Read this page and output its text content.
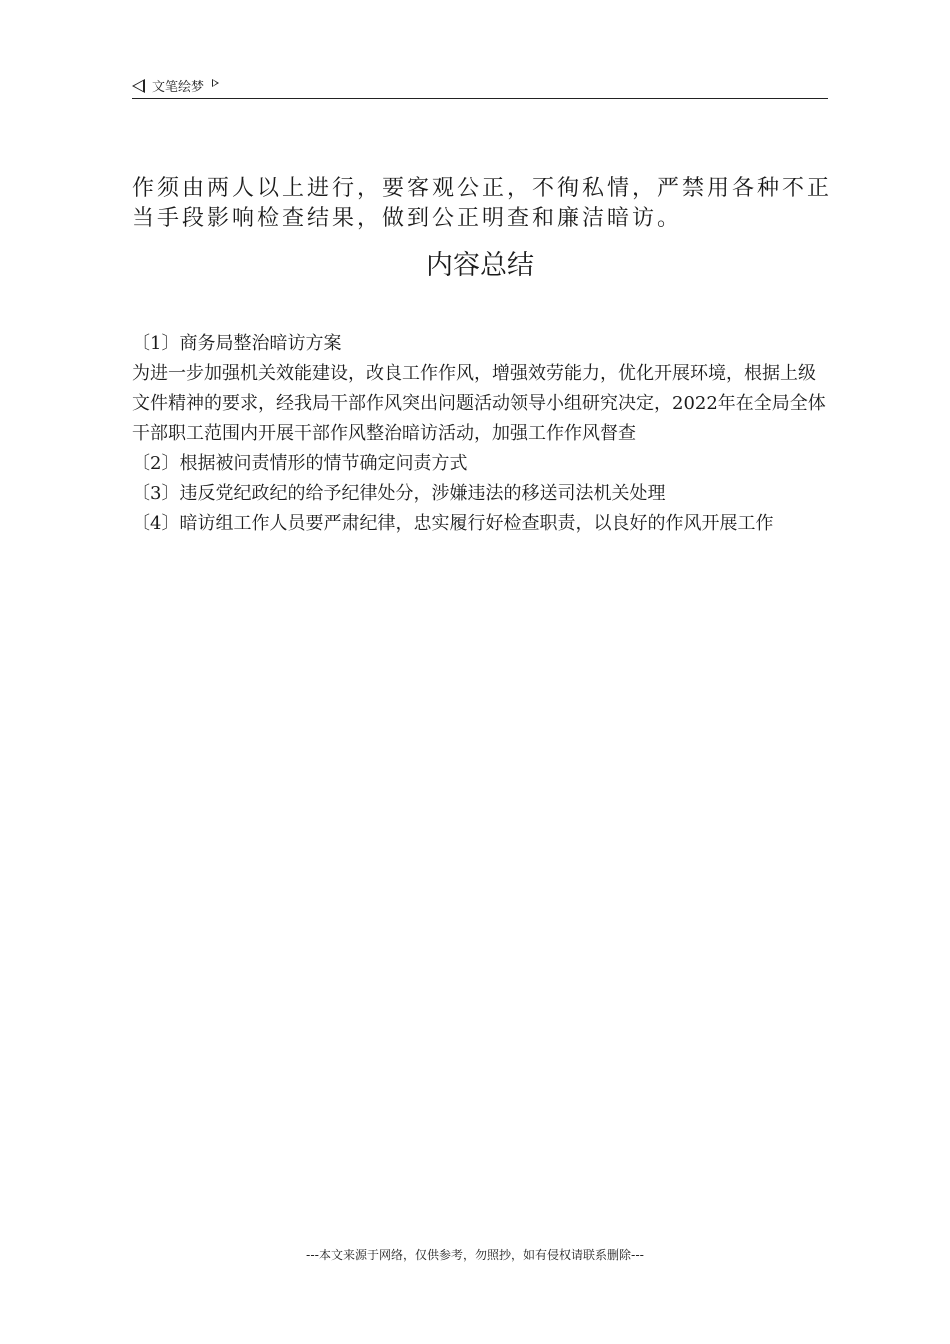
文笔绘梦

作须由两人以上进行，要客观公正，不徇私情，严禁用各种不正当手段影响检查结果，做到公正明查和廉洁暗访。

内容总结

〔1〕商务局整治暗访方案

为进一步加强机关效能建设，改良工作作风，增强效劳能力，优化开展环境，根据上级文件精神的要求，经我局干部作风突出问题活动领导小组研究决定，2022年在全局全体干部职工范围内开展干部作风整治暗访活动，加强工作作风督查

〔2〕根据被问责情形的情节确定问责方式

〔3〕违反党纪政纪的给予纪律处分，涉嫌违法的移送司法机关处理

〔4〕暗访组工作人员要严肃纪律，忠实履行好检查职责，以良好的作风开展工作

---本文来源于网络，仅供参考，勿照抄，如有侵权请联系删除---
